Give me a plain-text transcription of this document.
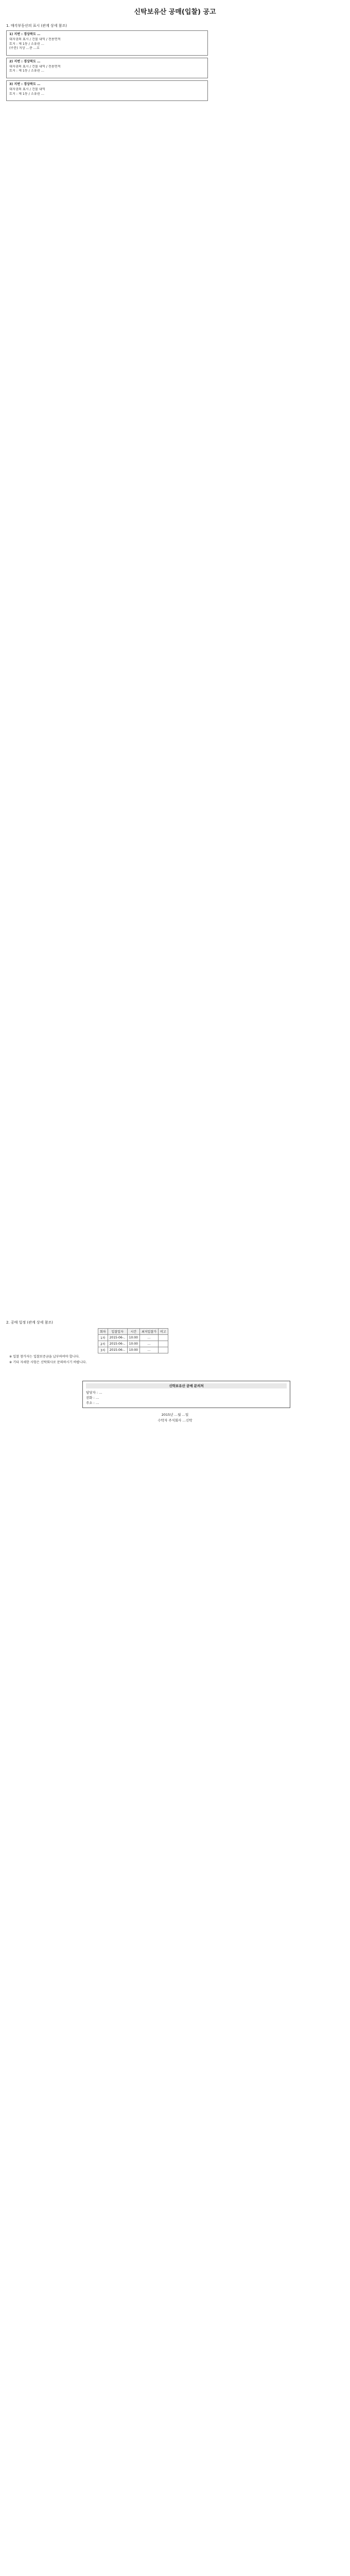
신탁보유산 공매(입찰) 공고
1. 매각부동산의 표시 (관계 상세 참조)
1) 지번 : 경상북도 …
대지권의 표시 / 건물 내역 / 전용면적
토지 : 제 1동 / 소유권 …
(구분) 지상 …층 …호
2) 지번 : 경상북도 …
대지권의 표시 / 건물 내역 / 전용면적
토지 : 제 1동 / 소유권 …
3) 지번 : 경상북도 …
대지권의 표시 / 건물 내역
토지 : 제 1동 / 소유권 …
2. 공매 일정 (관계 상세 참조)
회차	입찰일자	시간	최저입찰가	비고
1차	2015-06-..	10:00	...	
2차	2015-06-..	10:00	...	
3차	2015-06-..	10:00	...	
※ 입찰 참가자는 입찰보증금을 납부하여야 합니다.
※ 기타 자세한 사항은 신탁회사로 문의하시기 바랍니다.
신탁보유산 공매 문의처
담당자 : …
전화 : …
주소 : …
2015년 …월 …일
수탁자 주식회사 …신탁
